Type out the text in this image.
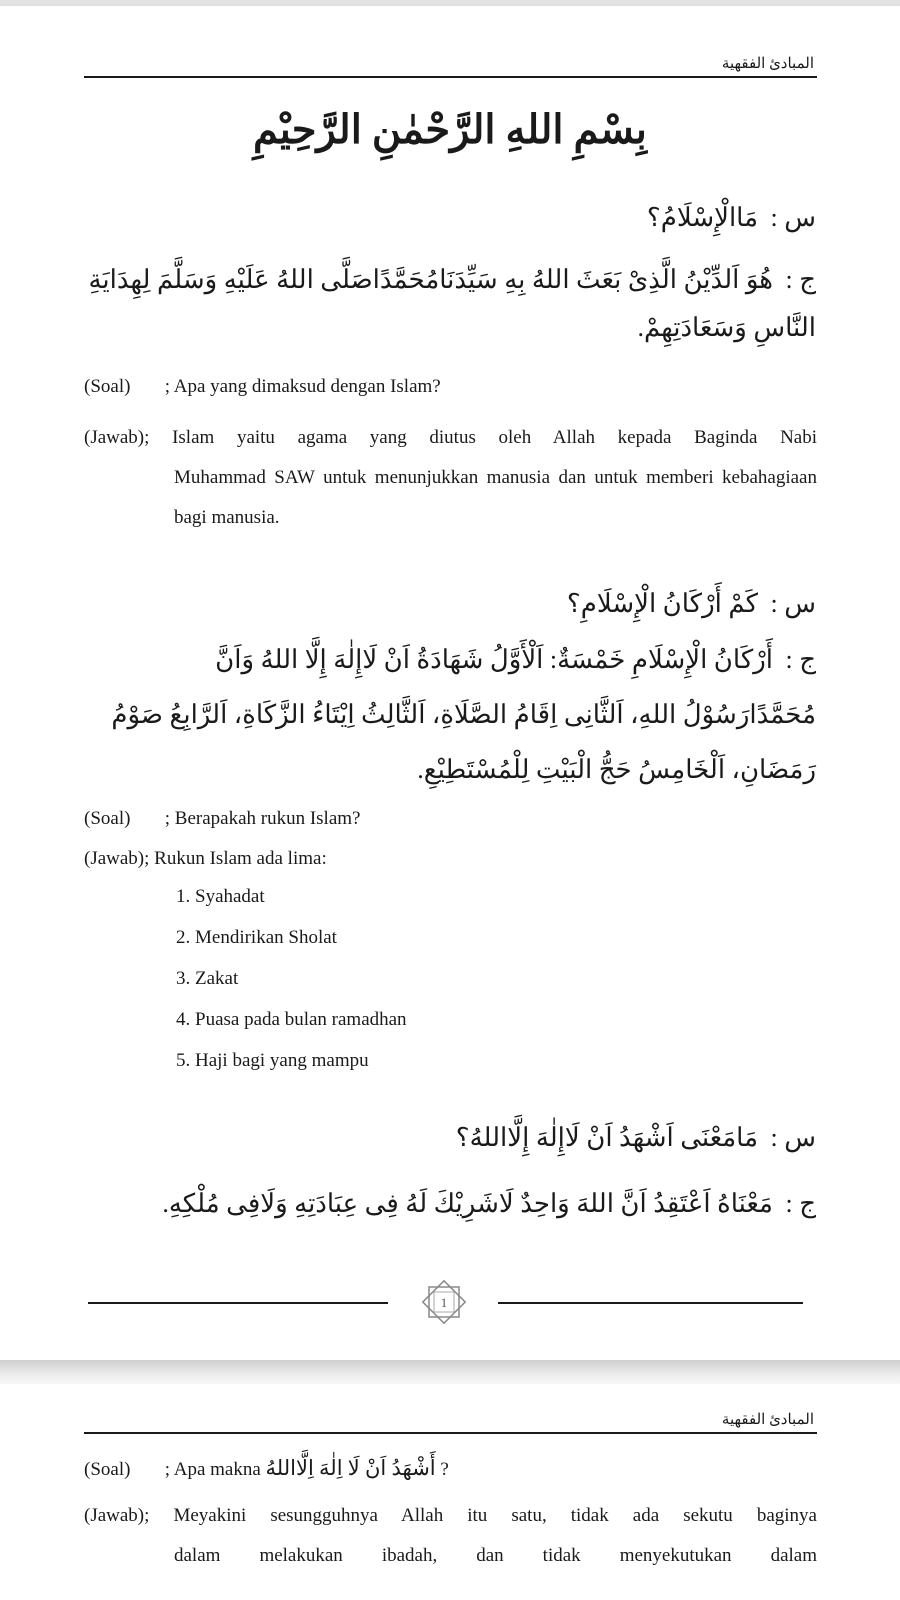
المبادئ الفقهية
بِسْمِ اللهِ الرَّحْمٰنِ الرَّحِيْمِ
س : مَاالْإِسْلَامُ؟
ج : هُوَ اَلدِّيْنُ الَّذِىْ بَعَثَ اللهُ بِهِ سَيِّدَنَامُحَمَّدًاصَلَّى اللهُ عَلَيْهِ وَسَلَّمَ لِهِدَايَةِ النَّاسِ وَسَعَادَتِهِمْ.
(Soal) ; Apa yang dimaksud dengan Islam?
(Jawab); Islam yaitu agama yang diutus oleh Allah kepada Baginda Nabi
Muhammad SAW untuk menunjukkan manusia dan untuk memberi kebahagiaan bagi manusia.
س : كَمْ أَرْكَانُ الْإِسْلَامِ؟
ج : أَرْكَانُ الْإِسْلَامِ خَمْسَةٌ: اَلْأَوَّلُ شَهَادَةُ اَنْ لَاإِلٰهَ إِلَّا اللهُ وَاَنَّ مُحَمَّدًارَسُوْلُ اللهِ، اَلثَّانِى اِقَامُ الصَّلَاةِ، اَلثَّالِثُ اِيْتَاءُ الزَّكَاةِ، اَلرَّابِعُ صَوْمُ رَمَضَانِ، اَلْخَامِسُ حَجُّ الْبَيْتِ لِلْمُسْتَطِيْعِ.
(Soal) ; Berapakah rukun Islam?
(Jawab); Rukun Islam ada lima:
1. Syahadat
2. Mendirikan Sholat
3. Zakat
4. Puasa pada bulan ramadhan
5. Haji bagi yang mampu
س : مَامَعْنَى اَشْهَدُ اَنْ لَاإِلٰهَ إِلَّااللهُ؟
ج : مَعْنَاهُ اَعْتَقِدُ اَنَّ اللهَ وَاحِدٌ لَاشَرِيْكَ لَهُ فِى عِبَادَتِهِ وَلَافِى مُلْكِهِ.
1
المبادئ الفقهية
(Soal) ; Apa makna أَشْهَدُ اَنْ لَا اِلٰهَ اِلَّااللهُ ?
(Jawab); Meyakini sesungguhnya Allah itu satu, tidak ada sekutu baginya
dalam melakukan ibadah, dan tidak menyekutukan dalam
